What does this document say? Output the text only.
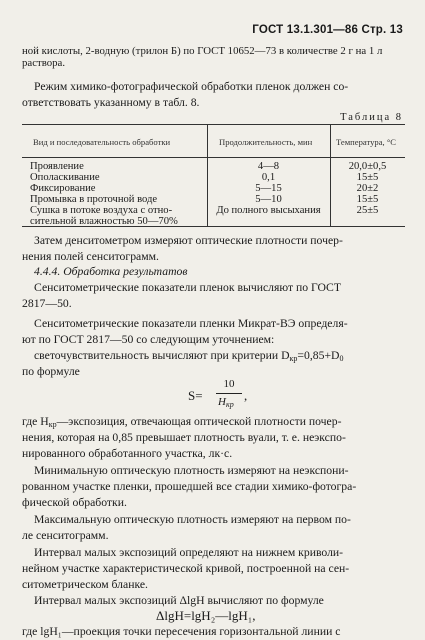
ГОСТ 13.1.301—86 Стр. 13
ной кислоты, 2-водную (трилон Б) по ГОСТ 10652—73 в количестве 2 г на 1 л
раствора.
Режим химико-фотографической обработки пленок должен со-
ответствовать указанному в табл. 8.
Таблица 8
Вид и последовательность обработки	Продолжительность, мин	Температура, °С
Проявление
Ополаскивание
Фиксирование
Промывка в проточной воде
Сушка в потоке воздуха с отно-
сительной влажностью 50—70%
4—8
0,1
5—15
5—10
До полного высыхания
20,0±0,5
15±5
20±2
15±5
25±5
Затем денситометром измеряют оптические плотности почер-
нения полей сенситограмм.
4.4.4. Обработка результатов
Сенситометрические показатели пленок вычисляют по ГОСТ
2817—50.
Сенситометрические показатели пленки Микрат-ВЭ определя-
ют по ГОСТ 2817—50 со следующим уточнением:
светочувствительность вычисляют при критерии $D_{кр}=0,85+D_0$
по формуле
S=
10
$H_{кр}$
,
где $H_{кр}—экспозиция$, отвечающая оптической плотности почер-
нения, которая на 0,85 превышает плотность вуали, т. е. неэкспо-
нированного обработанного участка, лк·с.
Минимальную оптическую плотность измеряют на неэкспони-
рованном участке пленки, прошедшей все стадии химико-фотогра-
фической обработки.
Максимальную оптическую плотность измеряют на первом по-
ле сенситограмм.
Интервал малых экспозиций определяют на нижнем криволи-
нейном участке характеристической кривой, построенной на сен-
ситометрическом бланке.
Интервал малых экспозиций ΔlgH вычисляют по формуле
ΔlgH=lgH₂—lgH₁,
где lgH₁—проекция точки пересечения горизонтальной линии с
